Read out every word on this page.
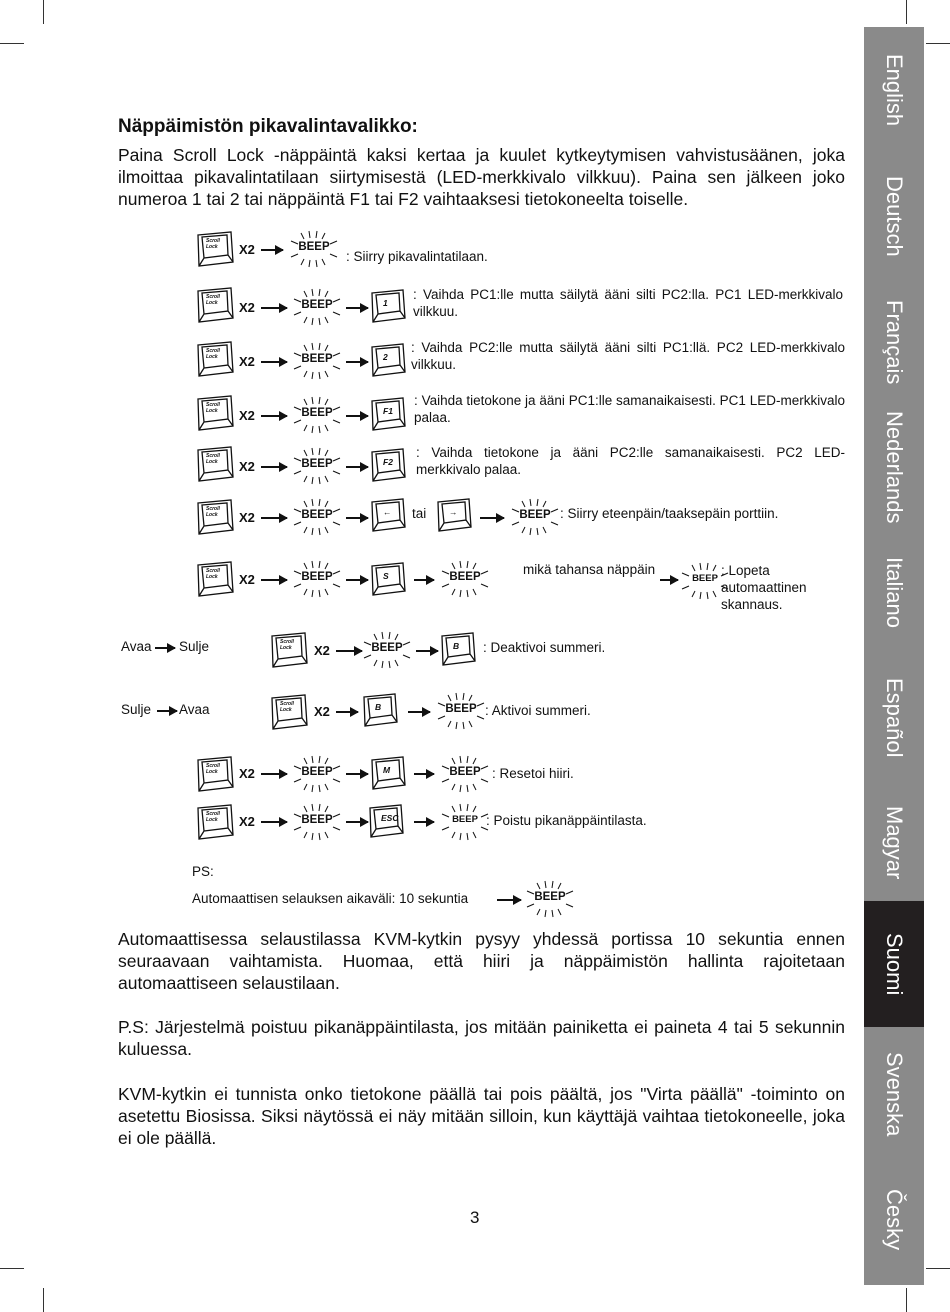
English
Deutsch
Français
Nederlands
Italiano
Español
Magyar
Suomi
Svenska
Česky
Näppäimistön pikavalintavalikko:

Paina Scroll Lock -näppäintä kaksi kertaa ja kuulet kytkeytymisen vahvistusäänen, joka ilmoittaa pikavalintatilaan siirtymisestä (LED-merkkivalo vilkkuu). Paina sen jälkeen joko numeroa 1 tai 2 tai näppäintä F1 tai F2 vaihtaaksesi tietokoneelta toiselle.

Scroll
Lock X2	BEEP
: Siirry pikavalintatilaan.
Scroll
Lock X2	BEEP	1
: Vaihda PC1:lle mutta säilytä ääni silti PC2:lla. PC1 LED-merkkivalo vilkkuu.
Scroll
Lock X2	BEEP	2
: Vaihda PC2:lle mutta säilytä ääni silti PC1:llä. PC2 LED-merkkivalo vilkkuu.
Scroll
Lock X2	BEEP	F1
: Vaihda tietokone ja ääni PC1:lle samanaikaisesti. PC1 LED-merkkivalo palaa.
Scroll
Lock X2	BEEP	F2
: Vaihda tietokone ja ääni PC2:lle samanaikaisesti. PC2 LED-merkkivalo palaa.
Scroll
Lock X2	BEEP	← tai	→	BEEP : Siirry eteenpäin/taaksepäin porttiin.
Scroll
Lock X2	BEEP	S	BEEP	mikä tahansa näppäin
BEEP
: Lopeta automaattinen skannaus.
Avaa Sulje	Scroll
Lock X2	BEEP	B : Deaktivoi summeri.
Sulje Avaa	Scroll
Lock X2	B	BEEP : Aktivoi summeri.
Scroll
Lock X2	BEEP	M	BEEP : Resetoi hiiri.
Scroll
Lock X2	BEEP	ESC	BEEP : Poistu pikanäppäintilasta.
PS:
Automaattisen selauksen aikaväli: 10 sekuntia	BEEP

Automaattisessa selaustilassa KVM-kytkin pysyy yhdessä portissa 10 sekuntia ennen seuraavaan vaihtamista. Huomaa, että hiiri ja näppäimistön hallinta rajoitetaan automaattiseen selaustilaan.

P.S: Järjestelmä poistuu pikanäppäintilasta, jos mitään painiketta ei paineta 4 tai 5 sekunnin kuluessa.

KVM-kytkin ei tunnista onko tietokone päällä tai pois päältä, jos "Virta päällä" -toiminto on asetettu Biosissa. Siksi näytössä ei näy mitään silloin, kun käyttäjä vaihtaa tietokoneelle, joka ei ole päällä.

3
